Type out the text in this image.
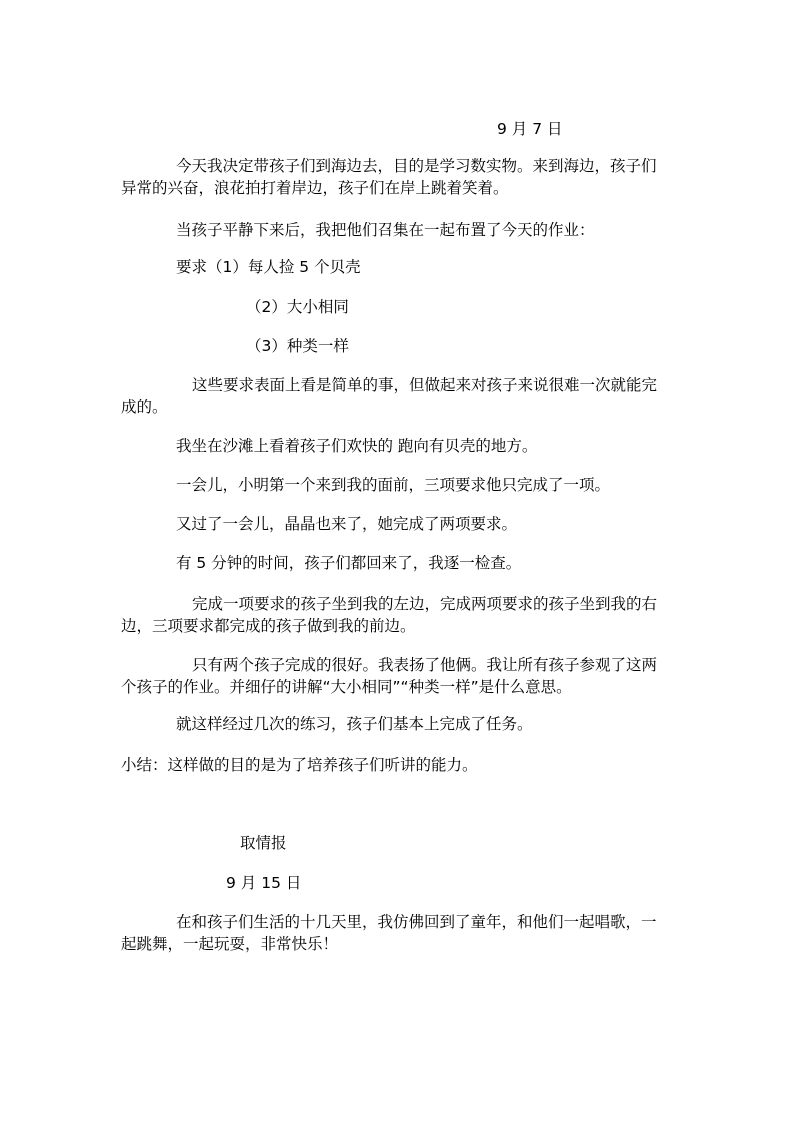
9 月 7 日

今天我决定带孩子们到海边去，目的是学习数实物。来到海边，孩子们

异常的兴奋，浪花拍打着岸边，孩子们在岸上跳着笑着。

当孩子平静下来后，我把他们召集在一起布置了今天的作业：

要求（1）每人捡 5 个贝壳

（2）大小相同

（3）种类一样

这些要求表面上看是简单的事，但做起来对孩子来说很难一次就能完

成的。

我坐在沙滩上看着孩子们欢快的 跑向有贝壳的地方。

一会儿，小明第一个来到我的面前，三项要求他只完成了一项。

又过了一会儿，晶晶也来了，她完成了两项要求。

有 5 分钟的时间，孩子们都回来了，我逐一检查。

完成一项要求的孩子坐到我的左边，完成两项要求的孩子坐到我的右

边，三项要求都完成的孩子做到我的前边。

只有两个孩子完成的很好。我表扬了他俩。我让所有孩子参观了这两

个孩子的作业。并细仔的讲解“大小相同”“种类一样”是什么意思。

就这样经过几次的练习，孩子们基本上完成了任务。

小结：这样做的目的是为了培养孩子们听讲的能力。

取情报

9 月 15 日

在和孩子们生活的十几天里，我仿佛回到了童年，和他们一起唱歌，一

起跳舞，一起玩耍，非常快乐！
